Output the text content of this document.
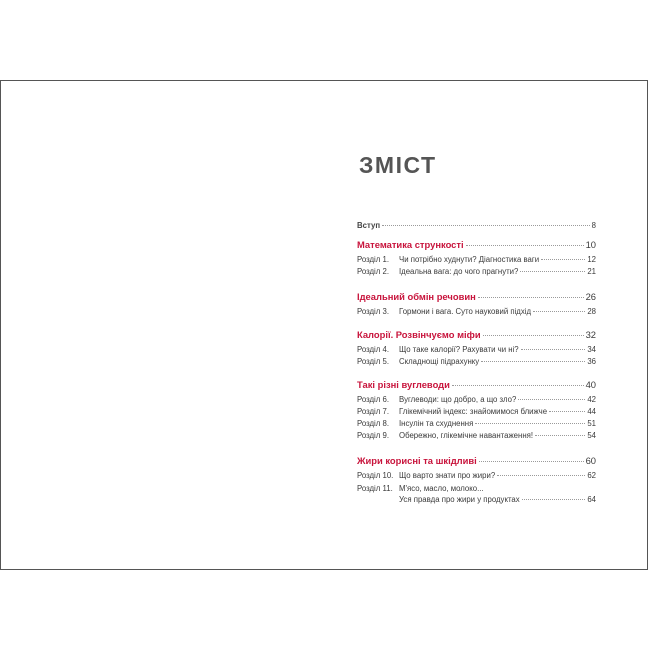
ЗМІСТ
Вступ	8
Математика стрункості	10
Розділ 1.	Чи потрібно худнути? Діагностика ваги	12
Розділ 2.	Ідеальна вага: до чого прагнути?	21
Ідеальний обмін речовин	26
Розділ 3.	Гормони і вага. Суто науковий підхід	28
Калорії. Розвінчуємо міфи	32
Розділ 4.	Що таке калорії? Рахувати чи ні?	34
Розділ 5.	Складнощі підрахунку	36
Такі різні вуглеводи	40
Розділ 6.	Вуглеводи: що добро, а що зло?	42
Розділ 7.	Глікемічний індекс: знайомимося ближче	44
Розділ 8.	Інсулін та схуднення	51
Розділ 9.	Обережно, глікемічне навантаження!	54
Жири корисні та шкідливі	60
Розділ 10. Що варто знати про жири?	62
Розділ 11. М'ясо, масло, молоко...
Уся правда про жири у продуктах	64
